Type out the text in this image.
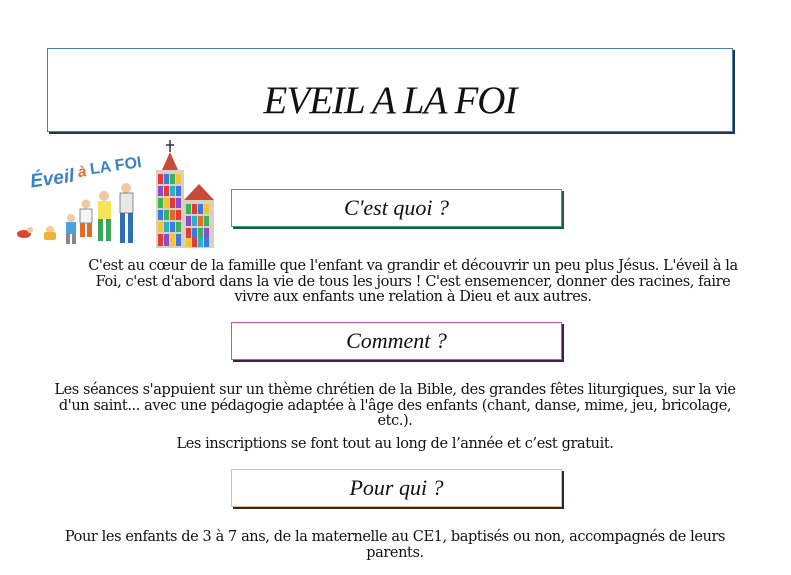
EVEIL A LA FOI
Éveil à LA FOI
C'est quoi ?
C'est au cœur de la famille que l'enfant va grandir et découvrir un peu plus Jésus. L'éveil à la Foi, c'est d'abord dans la vie de tous les jours ! C'est ensemencer, donner des racines, faire vivre aux enfants une relation à Dieu et aux autres.
Comment ?
Les séances s'appuient sur un thème chrétien de la Bible, des grandes fêtes liturgiques, sur la vie d'un saint... avec une pédagogie adaptée à l'âge des enfants (chant, danse, mime, jeu, bricolage, etc.).
Les inscriptions se font tout au long de l’année et c’est gratuit.
Pour qui ?
Pour les enfants de 3 à 7 ans, de la maternelle au CE1, baptisés ou non, accompagnés de leurs parents.
